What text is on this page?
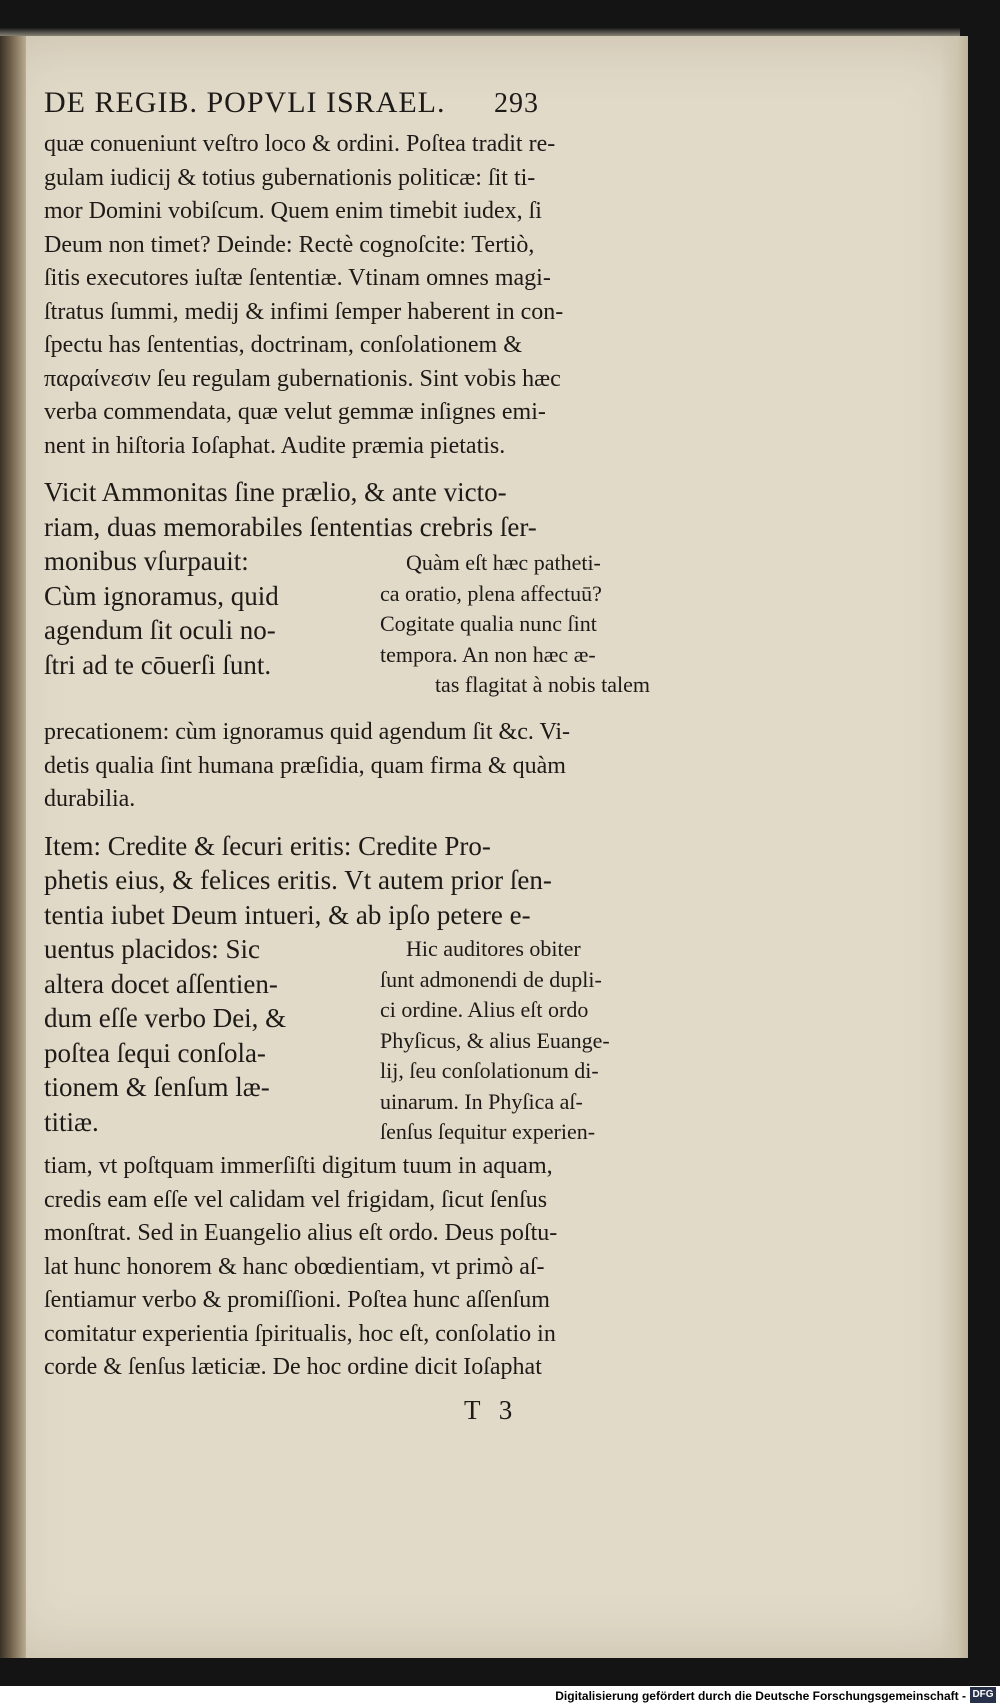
DE REGIB. POPVLI ISRAEL. 293
quæ conueniunt veſtro loco & ordini. Poſtea tradit re-
gulam iudicij & totius gubernationis politicæ: ſit ti-
mor Domini vobiſcum. Quem enim timebit iudex, ſi
Deum non timet? Deinde: Rectè cognoſcite: Tertiò,
ſitis executores iuſtæ ſententiæ. Vtinam omnes magi-
ſtratus ſummi, medij & infimi ſemper haberent in con-
ſpectu has ſententias, doctrinam, conſolationem &
παραίνεσιν ſeu regulam gubernationis. Sint vobis hæc
verba commendata, quæ velut gemmæ inſignes emi-
nent in hiſtoria Ioſaphat. Audite præmia pietatis.
Vicit Ammonitas ſine prælio, & ante victo-
riam, duas memorabiles ſententias crebris ſer-
monibus vſurpauit:
Cùm ignoramus, quid
agendum ſit oculi no-
ſtri ad te cōuerſi ſunt.
Quàm eſt hæc patheti-
ca oratio, plena affectuū?
Cogitate qualia nunc ſint
tempora. An non hæc æ-
tas flagitat à nobis talem
precationem: cùm ignoramus quid agendum ſit &c. Vi-
detis qualia ſint humana præſidia, quam firma & quàm
durabilia.
Item: Credite & ſecuri eritis: Credite Pro-
phetis eius, & felices eritis. Vt autem prior ſen-
tentia iubet Deum intueri, & ab ipſo petere e-
uentus placidos: Sic
altera docet aſſentien-
dum eſſe verbo Dei, &
poſtea ſequi conſola-
tionem & ſenſum læ-
titiæ.
Hic auditores obiter
ſunt admonendi de dupli-
ci ordine. Alius eſt ordo
Phyſicus, & alius Euange-
lij, ſeu conſolationum di-
uinarum. In Phyſica aſ-
ſenſus ſequitur experien-
tiam, vt poſtquam immerſiſti digitum tuum in aquam,
credis eam eſſe vel calidam vel frigidam, ſicut ſenſus
monſtrat. Sed in Euangelio alius eſt ordo. Deus poſtu-
lat hunc honorem & hanc obœdientiam, vt primò aſ-
ſentiamur verbo & promiſſioni. Poſtea hunc aſſenſum
comitatur experientia ſpiritualis, hoc eſt, conſolatio in
corde & ſenſus læticiæ. De hoc ordine dicit Ioſaphat
T 3
Digitalisierung gefördert durch die Deutsche Forschungsgemeinschaft - DFG
